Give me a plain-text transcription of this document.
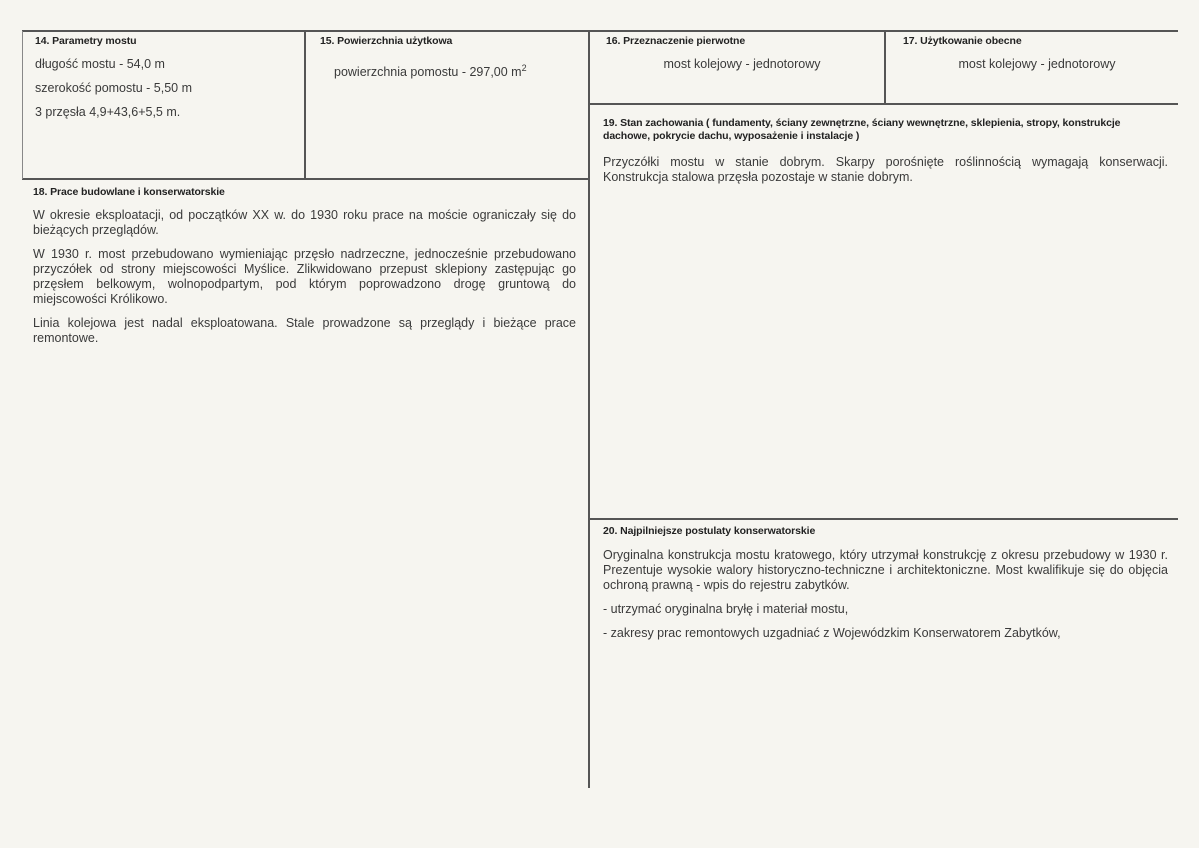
14. Parametry mostu
długość mostu - 54,0 m
szerokość pomostu - 5,50 m
3 przęsła 4,9+43,6+5,5 m.
15. Powierzchnia użytkowa
powierzchnia pomostu - 297,00 $m^2$
16. Przeznaczenie pierwotne
most kolejowy - jednotorowy
17. Użytkowanie obecne
most kolejowy - jednotorowy
18. Prace budowlane i konserwatorskie

W okresie eksploatacji, od początków XX w. do 1930 roku prace na moście ograniczały się do bieżących przeglądów.

W 1930 r. most przebudowano wymieniając przęsło nadrzeczne, jednocześnie przebudowano przyczółek od strony miejscowości Myślice. Zlikwidowano przepust sklepiony zastępując go przęsłem belkowym, wolnopodpartym, pod którym poprowadzono drogę gruntową do miejscowości Królikowo.

Linia kolejowa jest nadal eksploatowana. Stale prowadzone są przeglądy i bieżące prace remontowe.

19. Stan zachowania ( fundamenty, ściany zewnętrzne, ściany wewnętrzne, sklepienia, stropy, konstrukcje dachowe, pokrycie dachu, wyposażenie i instalacje )
Przyczółki mostu w stanie dobrym. Skarpy porośnięte roślinnością wymagają konserwacji. Konstrukcja stalowa przęsła pozostaje w stanie dobrym.
20. Najpilniejsze postulaty konserwatorskie

Oryginalna konstrukcja mostu kratowego, który utrzymał konstrukcję z okresu przebudowy w 1930 r. Prezentuje wysokie walory historyczno-techniczne i architektoniczne. Most kwalifikuje się do objęcia ochroną prawną - wpis do rejestru zabytków.

- utrzymać oryginalna bryłę i materiał mostu,

- zakresy prac remontowych uzgadniać z Wojewódzkim Konserwatorem Zabytków,
